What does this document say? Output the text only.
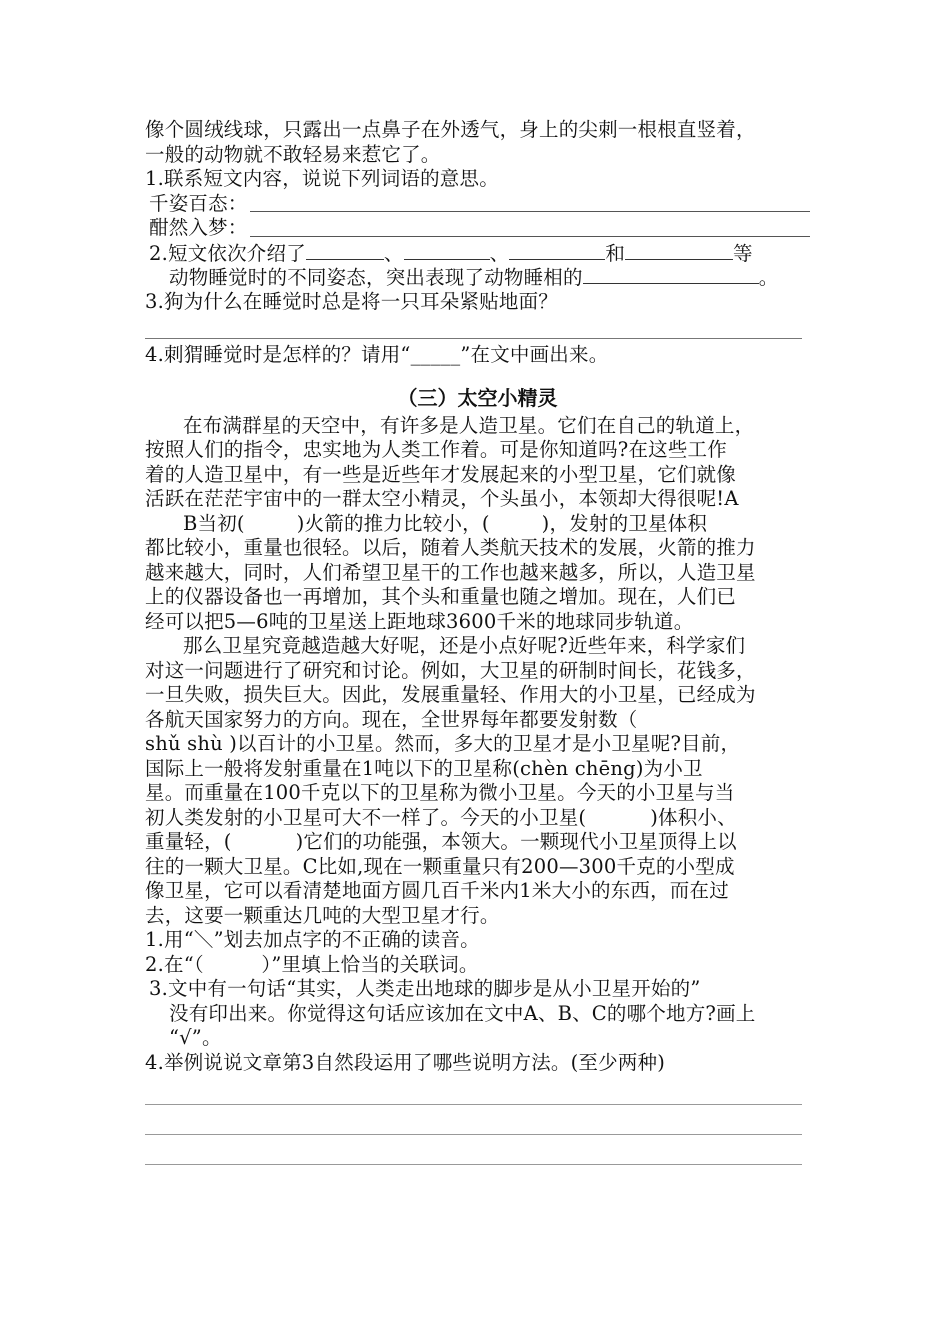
像个圆绒线球，只露出一点鼻子在外透气，身上的尖刺一根根直竖着，
一般的动物就不敢轻易来惹它了。
1.联系短文内容，说说下列词语的意思。
千姿百态：
酣然入梦：
2.短文依次介绍了	、	、	和	等
动物睡觉时的不同姿态，突出表现了动物睡相的	。
3.狗为什么在睡觉时总是将一只耳朵紧贴地面？
4.刺猬睡觉时是怎样的？请用“_____”在文中画出来。
（三）太空小精灵
在布满群星的天空中，有许多是人造卫星。它们在自己的轨道上，
按照人们的指令，忠实地为人类工作着。可是你知道吗?在这些工作
着的人造卫星中，有一些是近些年才发展起来的小型卫星，它们就像
活跃在茫茫宇宙中的一群太空小精灵，个头虽小，本领却大得很呢!A
B当初(	)火箭的推力比较小，(	)，发射的卫星体积
都比较小，重量也很轻。以后，随着人类航天技术的发展，火箭的推力
越来越大，同时，人们希望卫星干的工作也越来越多，所以，人造卫星
上的仪器设备也一再增加，其个头和重量也随之增加。现在，人们已
经可以把5—6吨的卫星送上距地球3600千米的地球同步轨道。
那么卫星究竟越造越大好呢，还是小点好呢?近些年来，科学家们
对这一问题进行了研究和讨论。例如，大卫星的研制时间长，花钱多，
一旦失败，损失巨大。因此，发展重量轻、作用大的小卫星，已经成为
各航天国家努力的方向。现在，全世界每年都要发射数（
shǔ shù )以百计的小卫星。然而，多大的卫星才是小卫星呢?目前，
国际上一般将发射重量在1吨以下的卫星称(chèn chēng)为小卫
星。而重量在100千克以下的卫星称为微小卫星。今天的小卫星与当
初人类发射的小卫星可大不一样了。今天的小卫星(          )体积小、
重量轻，(          )它们的功能强，本领大。一颗现代小卫星顶得上以
往的一颗大卫星。C比如,现在一颗重量只有200—300千克的小型成
像卫星，它可以看清楚地面方圆几百千米内1米大小的东西，而在过
去，这要一颗重达几吨的大型卫星才行。
1.用“＼”划去加点字的不正确的读音。
2.在“（         ）”里填上恰当的关联词。
3.文中有一句话“其实，人类走出地球的脚步是从小卫星开始的”
没有印出来。你觉得这句话应该加在文中A、B、C的哪个地方?画上
“√”。
4.举例说说文章第3自然段运用了哪些说明方法。(至少两种)
